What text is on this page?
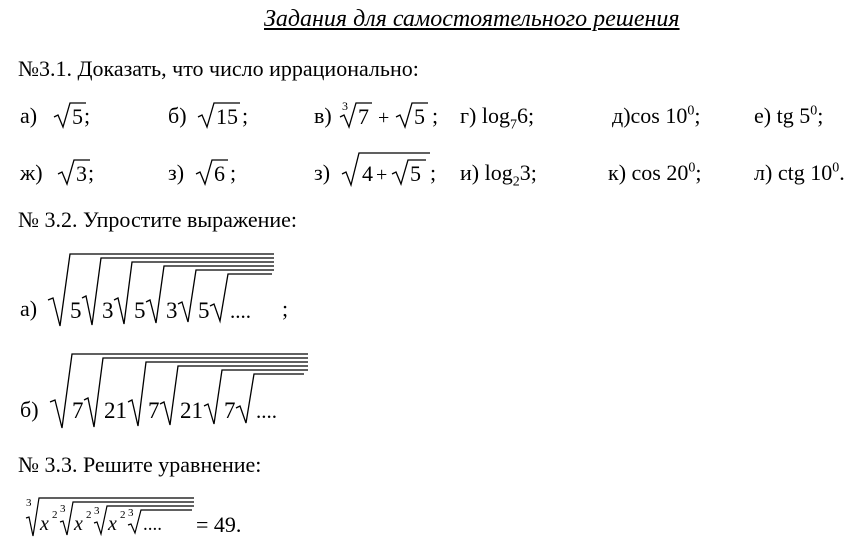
Задания для самостоятельного решения
№3.1. Доказать, что число иррационально:
а) 5 ;	б) 15 ;	в) 3 7 + 5 ; г) $\log_76$;	д)cos $10^0$; е) tg $5^0$;
ж) 3 ;	з) 6 ;	з) 4 + 5 ; и) $\log_23$;	к) $\cos 20^0$; л) ctg $10^0$.
№ 3.2. Упростите выражение:
а) 5 3 5 3 5 .... ;
б) 7 21 7 21 7 ....
№ 3.3. Решите уравнение:
3
x 2 3
x 2 3
x 2 3
.... = 49.
